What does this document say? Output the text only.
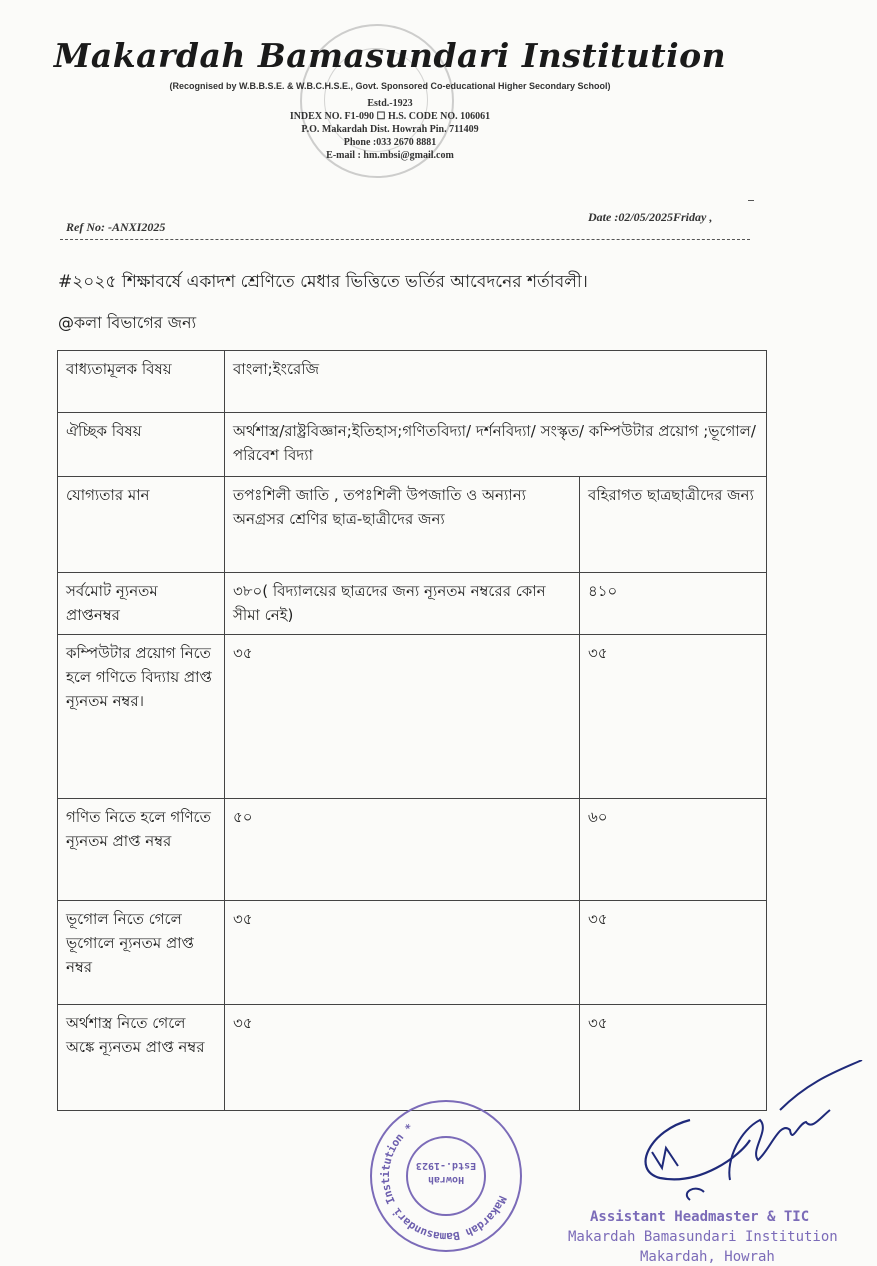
Makardah Bamasundari Institution
(Recognised by W.B.B.S.E. & W.B.C.H.S.E., Govt. Sponsored Co-educational Higher Secondary School)
Estd.-1923
INDEX NO. F1-090 ☐ H.S. CODE NO. 106061
P.O. Makardah Dist. Howrah Pin. 711409
Phone :033 2670 8881
E-mail : hm.mbsi@gmail.com
Ref No: -ANXI2025
Date :02/05/2025Friday ,
#২০২৫ শিক্ষাবর্ষে একাদশ শ্রেণিতে মেধার ভিত্তিতে ভর্তির আবেদনের শর্তাবলী।
@কলা বিভাগের জন্য
বাধ্যতামূলক বিষয়	বাংলা;ইংরেজি	
ঐচ্ছিক বিষয়	অর্থশাস্ত্র/রাষ্ট্রবিজ্ঞান;ইতিহাস;গণিতবিদ্যা/ দর্শনবিদ্যা/ সংস্কৃত/ কম্পিউটার প্রয়োগ ;ভূগোল/পরিবেশ বিদ্যা	
যোগ্যতার মান	তপঃশিলী জাতি , তপঃশিলী উপজাতি ও অন্যান্য অনগ্রসর শ্রেণির ছাত্র-ছাত্রীদের জন্য	বহিরাগত ছাত্রছাত্রীদের জন্য
সর্বমোট ন্যূনতম প্রাপ্তনম্বর	৩৮০( বিদ্যালয়ের ছাত্রদের জন্য ন্যূনতম নম্বরের কোন সীমা নেই)	৪১০
কম্পিউটার প্রয়োগ নিতে হলে গণিতে বিদ্যায় প্রাপ্ত ন্যূনতম নম্বর।	৩৫	৩৫
গণিত নিতে হলে গণিতে ন্যূনতম প্রাপ্ত নম্বর	৫০	৬০
ভূগোল নিতে গেলে ভূগোলে ন্যূনতম প্রাপ্ত নম্বর	৩৫	৩৫
অর্থশাস্ত্র নিতে গেলে অঙ্কে ন্যূনতম প্রাপ্ত নম্বর	৩৫	৩৫
Makardah Bamasundari Institution *
Howrah
Estd.-1923
Assistant Headmaster & TIC
Makardah Bamasundari Institution
Makardah, Howrah
